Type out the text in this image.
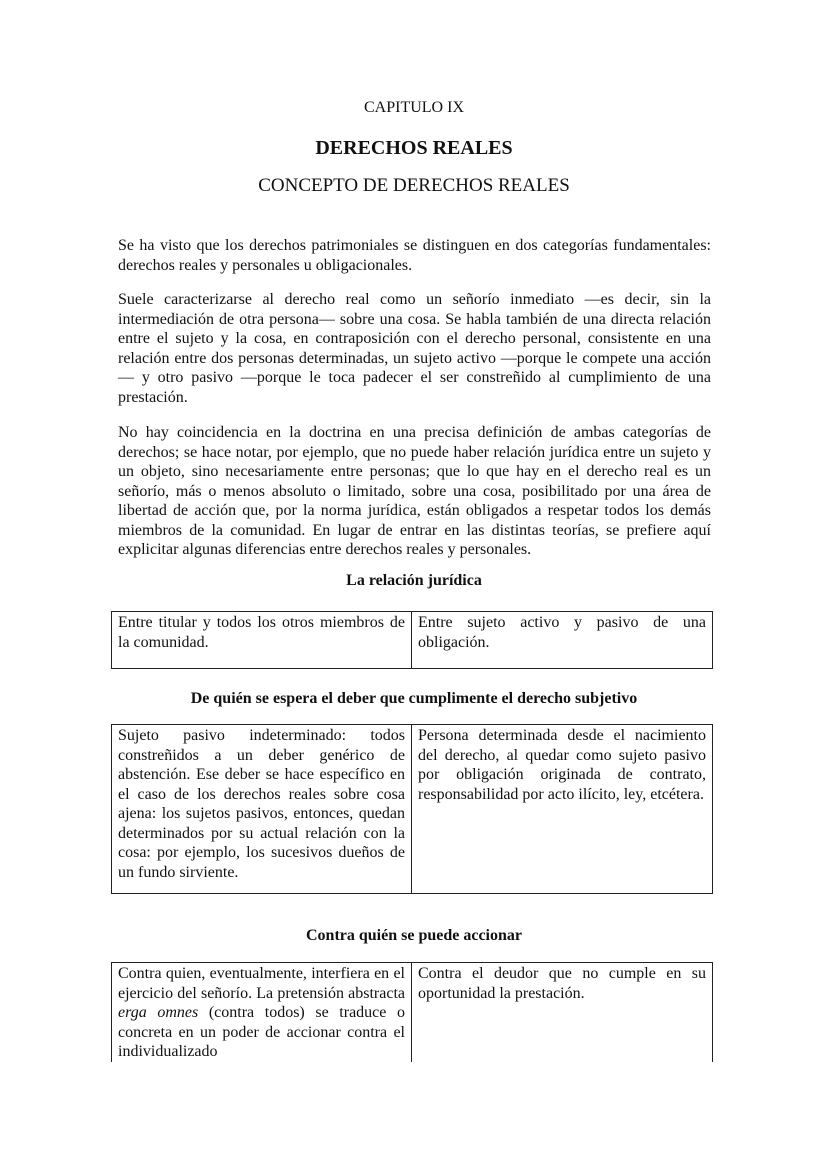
CAPITULO IX
DERECHOS REALES
CONCEPTO DE DERECHOS REALES

Se ha visto que los derechos patrimoniales se distinguen en dos categorías fundamentales: derechos reales y personales u obligacionales.

Suele caracterizarse al derecho real como un señorío inmediato —es decir, sin la intermediación de otra persona— sobre una cosa. Se habla también de una directa relación entre el sujeto y la cosa, en contraposición con el derecho personal, consistente en una relación entre dos personas determinadas, un sujeto activo —porque le compete una acción— y otro pasivo —porque le toca padecer el ser constreñido al cumplimiento de una prestación.

No hay coincidencia en la doctrina en una precisa definición de ambas categorías de derechos; se hace notar, por ejemplo, que no puede haber relación jurídica entre un sujeto y un objeto, sino necesariamente entre personas; que lo que hay en el derecho real es un señorío, más o menos absoluto o limitado, sobre una cosa, posibilitado por una área de libertad de acción que, por la norma jurídica, están obligados a respetar todos los demás miembros de la comunidad. En lugar de entrar en las distintas teorías, se prefiere aquí explicitar algunas diferencias entre derechos reales y personales.

La relación jurídica
Entre titular y todos los otros miembros de la comunidad.	Entre sujeto activo y pasivo de una obligación.
De quién se espera el deber que cumplimente el derecho subjetivo
Sujeto pasivo indeterminado: todos constreñidos a un deber genérico de abstención. Ese deber se hace específico en el caso de los derechos reales sobre cosa ajena: los sujetos pasivos, entonces, quedan determinados por su actual relación con la cosa: por ejemplo, los sucesivos dueños de un fundo sirviente.	Persona determinada desde el nacimiento del derecho, al quedar como sujeto pasivo por obligación originada de contrato, responsabilidad por acto ilícito, ley, etcétera.
Contra quién se puede accionar
Contra quien, eventualmente, interfiera en el ejercicio del señorío. La pretensión abstracta erga omnes (contra todos) se traduce o concreta en un poder de accionar contra el individualizado	Contra el deudor que no cumple en su oportunidad la prestación.
